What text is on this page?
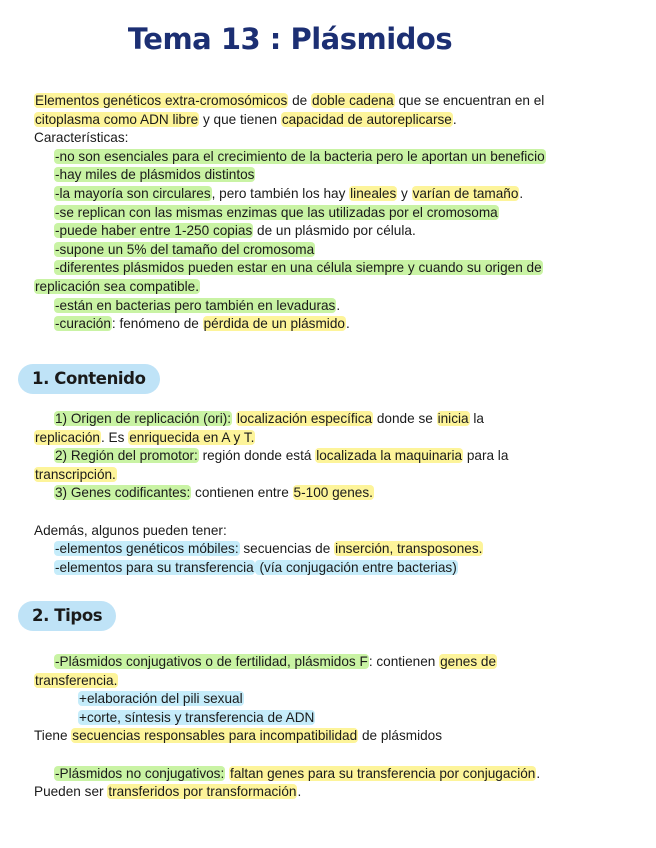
Tema 13 : Plásmidos
Elementos genéticos extra-cromosómicos de doble cadena que se encuentran en el
citoplasma como ADN libre y que tienen capacidad de autoreplicarse.
Características:
-no son esenciales para el crecimiento de la bacteria pero le aportan un beneficio
-hay miles de plásmidos distintos
-la mayoría son circulares, pero también los hay lineales y varían de tamaño.
-se replican con las mismas enzimas que las utilizadas por el cromosoma
-puede haber entre 1-250 copias de un plásmido por célula.
-supone un 5% del tamaño del cromosoma
-diferentes plásmidos pueden estar en una célula siempre y cuando su origen de
replicación sea compatible.
-están en bacterias pero también en levaduras.
-curación: fenómeno de pérdida de un plásmido.
1. Contenido
1) Origen de replicación (ori): localización específica donde se inicia la
replicación. Es enriquecida en A y T.
2) Región del promotor: región donde está localizada la maquinaria para la
transcripción.
3) Genes codificantes: contienen entre 5-100 genes.
Además, algunos pueden tener:
-elementos genéticos móbiles: secuencias de inserción, transposones.
-elementos para su transferencia (vía conjugación entre bacterias)
2. Tipos
-Plásmidos conjugativos o de fertilidad, plásmidos F: contienen genes de
transferencia.
+elaboración del pili sexual
+corte, síntesis y transferencia de ADN
Tiene secuencias responsables para incompatibilidad de plásmidos
-Plásmidos no conjugativos: faltan genes para su transferencia por conjugación.
Pueden ser transferidos por transformación.
